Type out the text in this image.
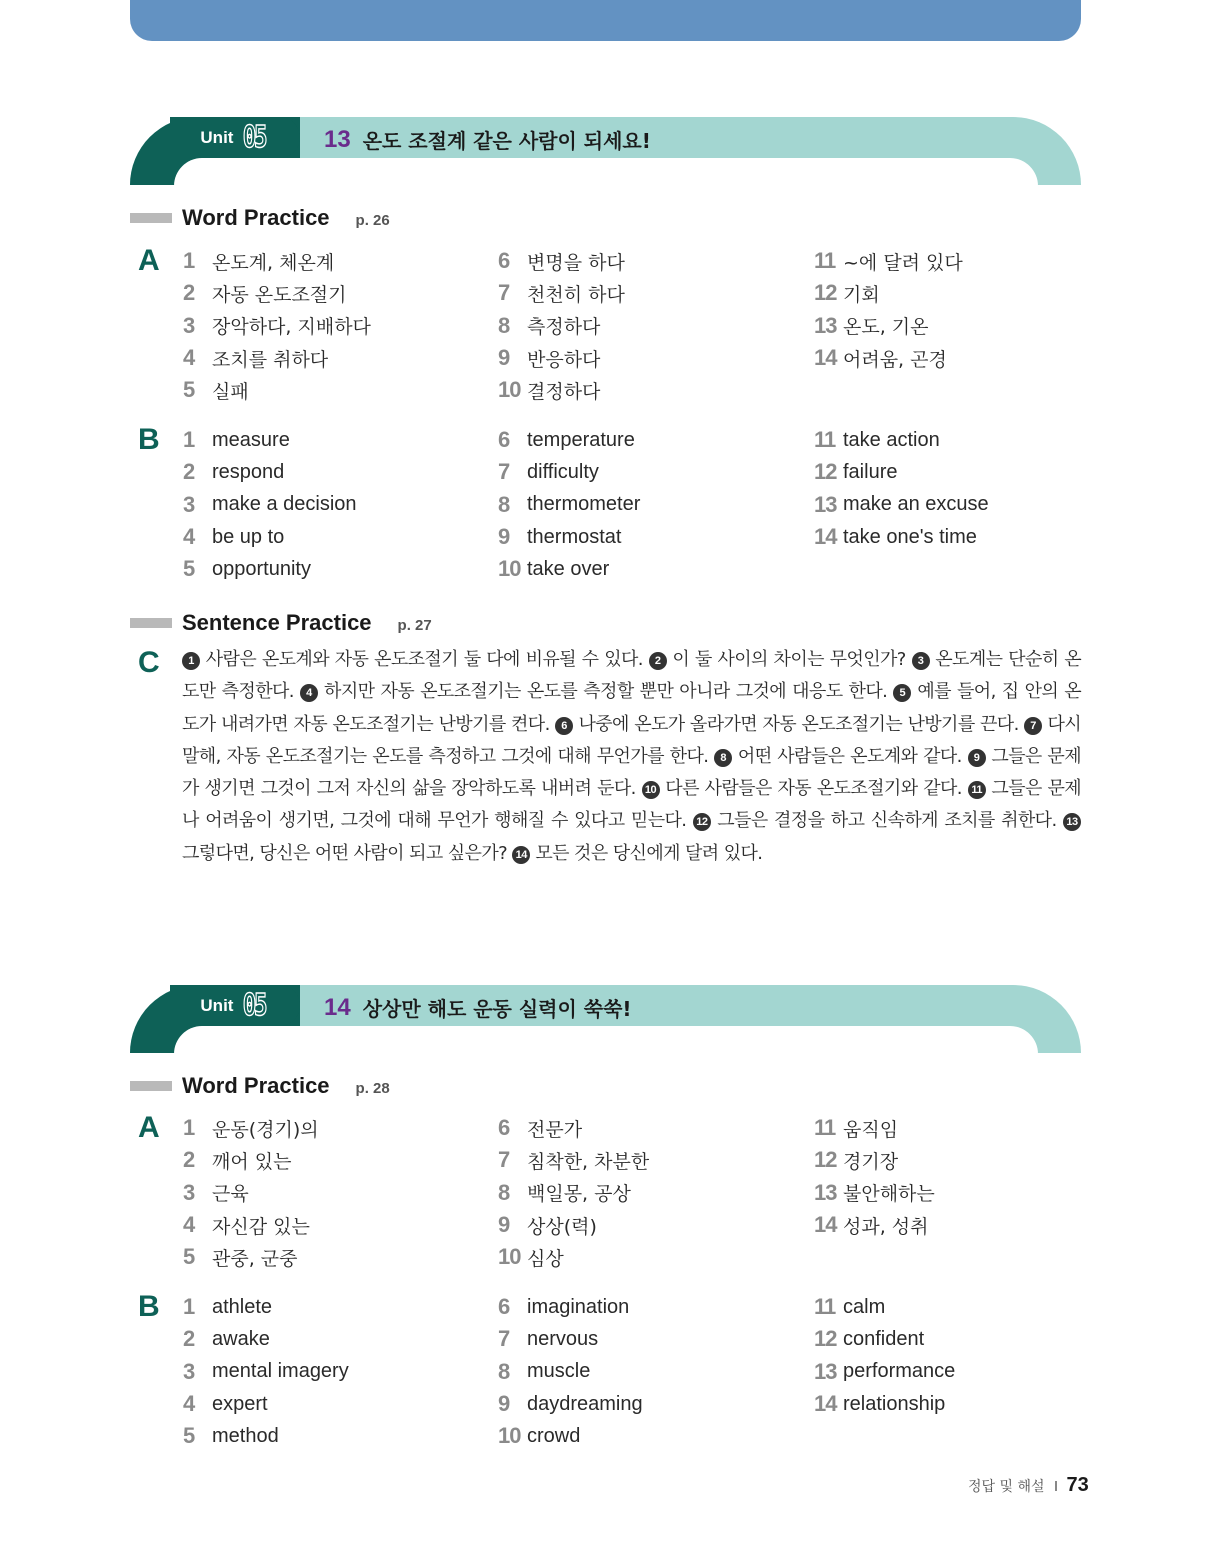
Unit 05 13 온도 조절계 같은 사람이 되세요!
Word Practice p. 26
A 1 온도계, 체온계
2 자동 온도조절기
3 장악하다, 지배하다
4 조치를 취하다
5 실패
6 변명을 하다
7 천천히 하다
8 측정하다
9 반응하다
10 결정하다
11 ~에 달려 있다
12 기회
13 온도, 기온
14 어려움, 곤경
B 1 measure
2 respond
3 make a decision
4 be up to
5 opportunity
6 temperature
7 difficulty
8 thermometer
9 thermostat
10 take over
11 take action
12 failure
13 make an excuse
14 take one's time
Sentence Practice p. 27
C	1 사람은 온도계와 자동 온도조절기 둘 다에 비유될 수 있다. 2 이 둘 사이의 차이는 무엇인가? 3 온도계는 단순히 온도만 측정한다. 4 하지만 자동 온도조절기는 온도를 측정할 뿐만 아니라 그것에 대응도 한다. 5 예를 들어, 집 안의 온도가 내려가면 자동 온도조절기는 난방기를 켠다. 6 나중에 온도가 올라가면 자동 온도조절기는 난방기를 끈다. 7 다시 말해, 자동 온도조절기는 온도를 측정하고 그것에 대해 무언가를 한다. 8 어떤 사람들은 온도계와 같다. 9 그들은 문제가 생기면 그것이 그저 자신의 삶을 장악하도록 내버려 둔다. 10 다른 사람들은 자동 온도조절기와 같다. 11 그들은 문제나 어려움이 생기면, 그것에 대해 무언가 행해질 수 있다고 믿는다. 12 그들은 결정을 하고 신속하게 조치를 취한다. 13 그렇다면, 당신은 어떤 사람이 되고 싶은가? 14 모든 것은 당신에게 달려 있다.

Unit 05 14 상상만 해도 운동 실력이 쑥쑥!
Word Practice p. 28
A 1 운동(경기)의
2 깨어 있는
3 근육
4 자신감 있는
5 관중, 군중
6 전문가
7 침착한, 차분한
8 백일몽, 공상
9 상상(력)
10 심상
11 움직임
12 경기장
13 불안해하는
14 성과, 성취
B 1 athlete
2 awake
3 mental imagery
4 expert
5 method
6 imagination
7 nervous
8 muscle
9 daydreaming
10 crowd
11 calm
12 confident
13 performance
14 relationship
정답 및 해설 73
